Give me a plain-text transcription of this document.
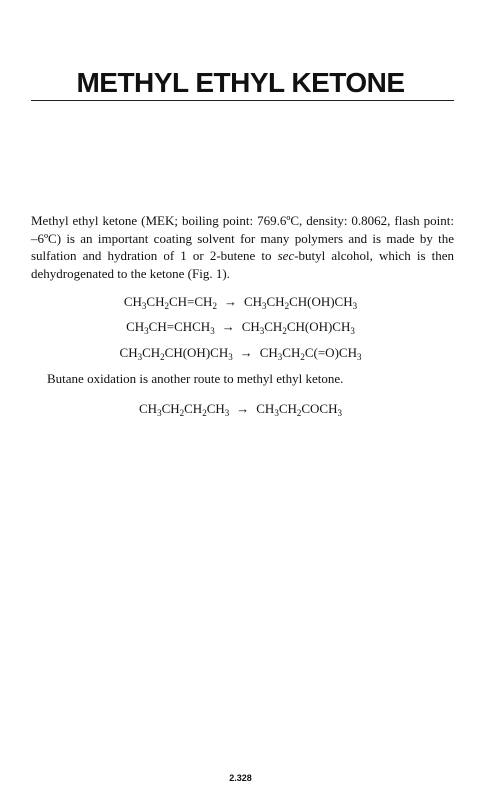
METHYL ETHYL KETONE

Methyl ethyl ketone (MEK; boiling point: 769.6ºC, density: 0.8062, flash point: –6ºC) is an important coating solvent for many polymers and is made by the sulfation and hydration of 1 or 2-butene to sec-butyl alcohol, which is then dehydrogenated to the ketone (Fig. 1).

$CH_3CH_2CH=CH_2 \to CH_3CH_2CH(OH)CH_3$
$CH_3CH=CHCH_3 \to CH_3CH_2CH(OH)CH_3$
$CH_3CH_2CH(OH)CH_3 \to CH_3CH_2C(=O)CH_3$

Butane oxidation is another route to methyl ethyl ketone.

$CH_3CH_2CH_2CH_3$ → $CH_3CH_2COCH_3$
2.328
